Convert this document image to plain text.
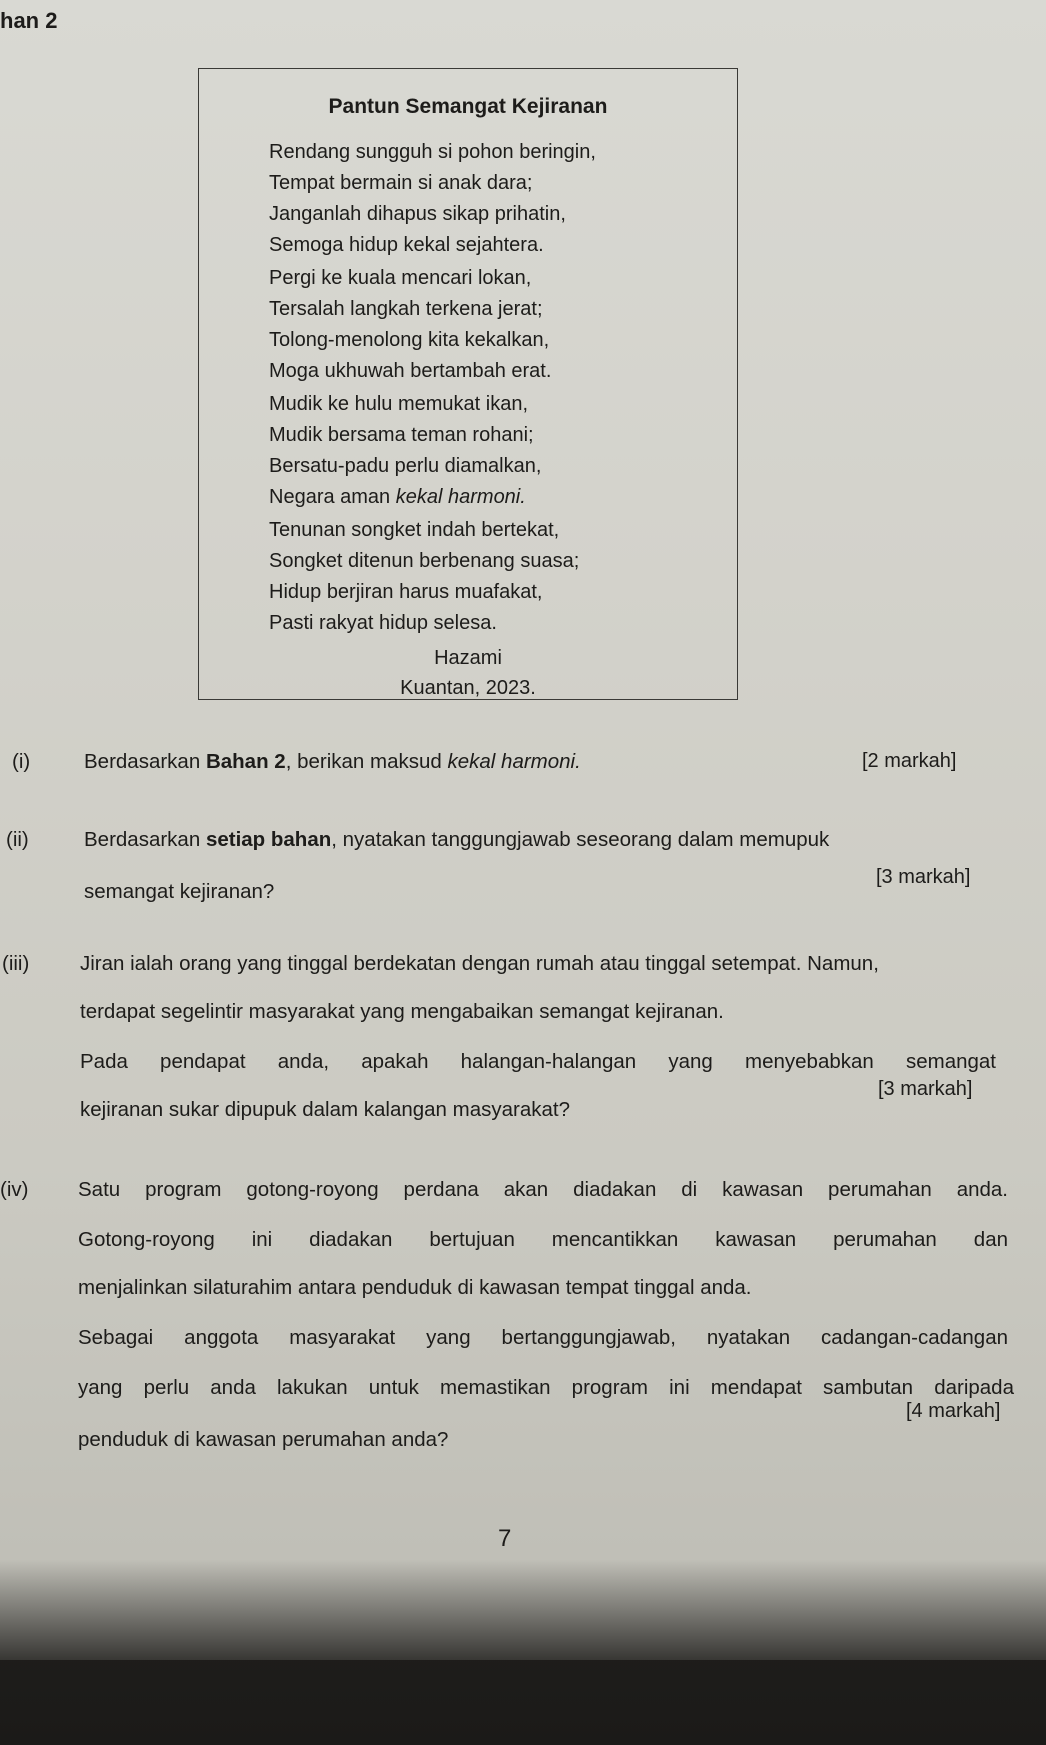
han 2
Pantun Semangat Kejiranan
Rendang sungguh si pohon beringin,
Tempat bermain si anak dara;
Janganlah dihapus sikap prihatin,
Semoga hidup kekal sejahtera.
Pergi ke kuala mencari lokan,
Tersalah langkah terkena jerat;
Tolong-menolong kita kekalkan,
Moga ukhuwah bertambah erat.
Mudik ke hulu memukat ikan,
Mudik bersama teman rohani;
Bersatu-padu perlu diamalkan,
Negara aman kekal harmoni.
Tenunan songket indah bertekat,
Songket ditenun berbenang suasa;
Hidup berjiran harus muafakat,
Pasti rakyat hidup selesa.
Hazami
Kuantan, 2023.
(i)	Berdasarkan Bahan 2, berikan maksud kekal harmoni.	[2 markah]
(ii)	Berdasarkan setiap bahan, nyatakan tanggungjawab seseorang dalam memupuk
semangat kejiranan?
[3 markah]
(iii) Jiran ialah orang yang tinggal berdekatan dengan rumah atau tinggal setempat. Namun,
terdapat segelintir masyarakat yang mengabaikan semangat kejiranan.
Pada pendapat anda, apakah halangan-halangan yang menyebabkan semangat
kejiranan sukar dipupuk dalam kalangan masyarakat?
[3 markah]
(iv) Satu program gotong-royong perdana akan diadakan di kawasan perumahan anda.
Gotong-royong ini diadakan bertujuan mencantikkan kawasan perumahan dan
menjalinkan silaturahim antara penduduk di kawasan tempat tinggal anda.
Sebagai anggota masyarakat yang bertanggungjawab, nyatakan cadangan-cadangan
yang perlu anda lakukan untuk memastikan program ini mendapat sambutan daripada
penduduk di kawasan perumahan anda?
[4 markah]
7
